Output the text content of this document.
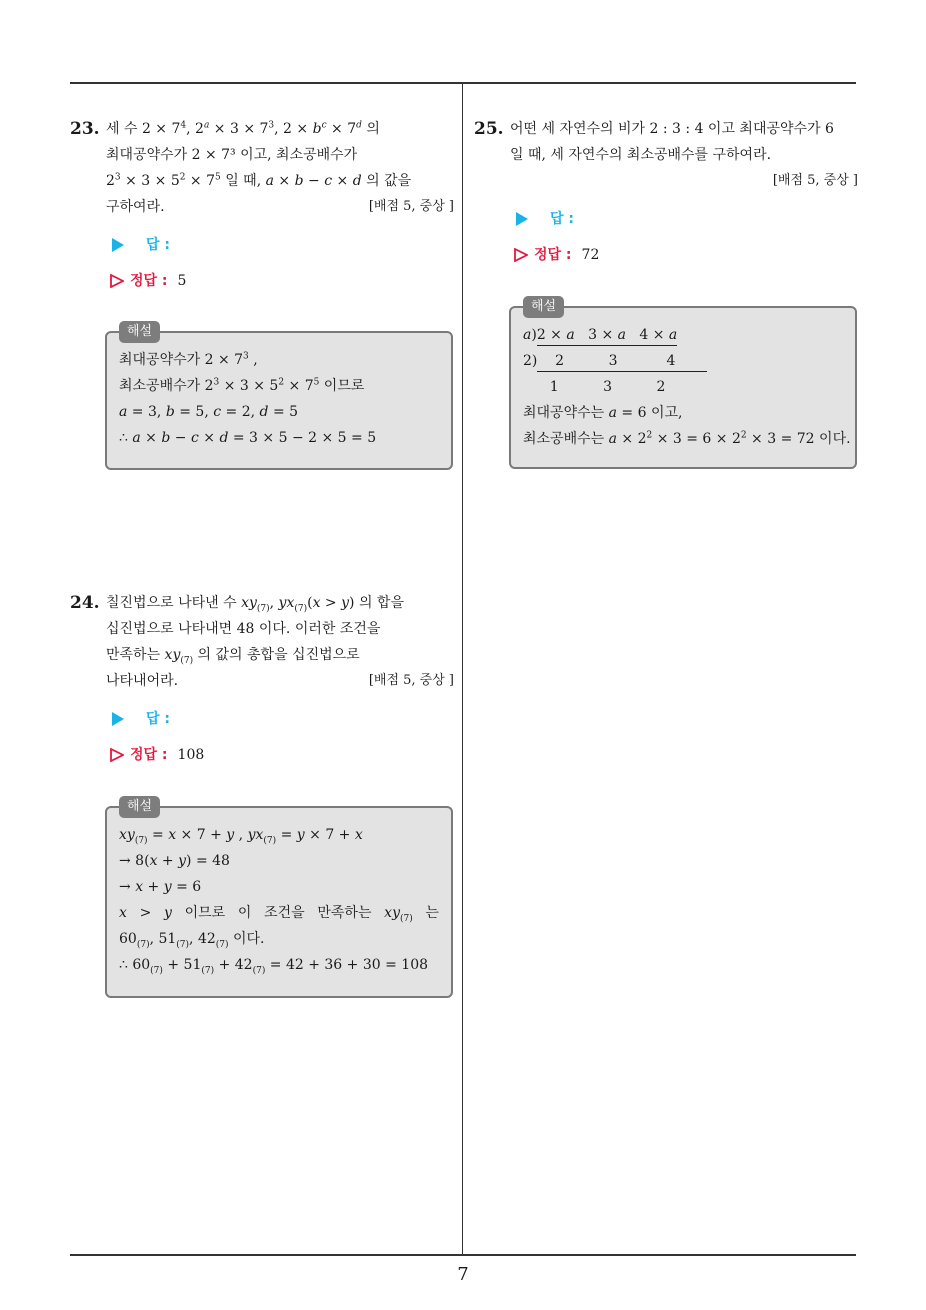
7
23. 세 수 $2 \times 7^4$, $2^a \times 3 \times 7^3$, $2 \times b^c \times 7^d$ 의
최대공약수가 2 × 7³ 이고, 최소공배수가
$2^3 \times 3 \times 5^2 \times 7^5$ 일 때, a × b − c × d 의 값을
구하여라.	[배점 5, 중상 ]
답 :
정답 : 5
해설
최대공약수가 $2 \times 7^3$ ,
최소공배수가 $2^3 \times 3 \times 5^2 \times 7^5$ 이므로
a = 3, b = 5, c = 2, d = 5
∴ a × b − c × d = 3 × 5 − 2 × 5 = 5
24. 칠진법으로 나타낸 수 $xy_{(7)}$, $yx_{(7)}(x > y)$ 의 합을
십진법으로 나타내면 48 이다. 이러한 조건을
만족하는 $xy_{(7)}$ 의 값의 총합을 십진법으로
나타내어라.	[배점 5, 중상 ]
답 :
정답 : 108
해설
$xy_{(7)} = x \times 7 + y$ , $yx_{(7)} = y \times 7 + x$
→ 8(x + y) = 48
→ x + y = 6
x > y 이므로 이 조건을 만족하는 $xy_{(7)}$ 는
$60_{(7)}$, $51_{(7)}$, $42_{(7)}$ 이다.
∴ $60_{(7)} + 51_{(7)} + 42_{(7)} = 42 + 36 + 30 = 108$
25. 어떤 세 자연수의 비가 2 : 3 : 4 이고 최대공약수가 6
일 때, 세 자연수의 최소공배수를 구하여라.
[배점 5, 중상 ]
답 :
정답 : 72
해설
a)2 × a   3 × a   4 × a
2)    2          3           4
1          3          2
최대공약수는 a = 6 이고,
최소공배수는 $a \times 2^2 \times 3 = 6 \times 2^2 \times 3 = 72$ 이다.
